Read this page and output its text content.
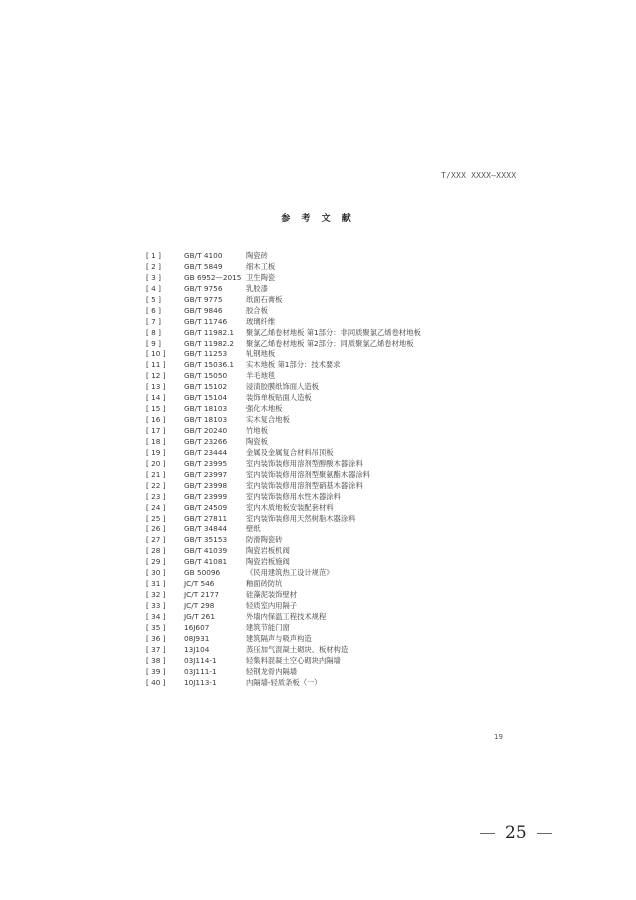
T/XXX XXXX—XXXX
参 考 文 献
[ 1 ]	GB/T 4100	陶瓷砖
[ 2 ]	GB/T 5849	细木工板
[ 3 ]	GB 6952—2015 卫生陶瓷
[ 4 ]	GB/T 9756	乳胶漆
[ 5 ]	GB/T 9775	纸面石膏板
[ 6 ]	GB/T 9846	胶合板
[ 7 ]	GB/T 11746	玻璃纤维
[ 8 ]	GB/T 11982.1 聚氯乙烯卷材地板 第1部分：非同质聚氯乙烯卷材地板
[ 9 ]	GB/T 11982.2 聚氯乙烯卷材地板 第2部分：同质聚氯乙烯卷材地板
[ 10 ]	GB/T 11253	轧钢地板
[ 11 ]	GB/T 15036.1 实木地板 第1部分：技术要求
[ 12 ]	GB/T 15050	羊毛地毯
[ 13 ]	GB/T 15102	浸渍胶膜纸饰面人造板
[ 14 ]	GB/T 15104	装饰单板贴面人造板
[ 15 ]	GB/T 18103	强化木地板
[ 16 ]	GB/T 18103	实木复合地板
[ 17 ]	GB/T 20240	竹地板
[ 18 ]	GB/T 23266	陶瓷板
[ 19 ]	GB/T 23444	金属及金属复合材料吊顶板
[ 20 ]	GB/T 23995	室内装饰装修用溶剂型醇酸木器涂料
[ 21 ]	GB/T 23997	室内装饰装修用溶剂型聚氨酯木器涂料
[ 22 ]	GB/T 23998	室内装饰装修用溶剂型硝基木器涂料
[ 23 ]	GB/T 23999	室内装饰装修用水性木器涂料
[ 24 ]	GB/T 24509	室内木质地板安装配套材料
[ 25 ]	GB/T 27811	室内装饰装修用天然树脂木器涂料
[ 26 ]	GB/T 34844	壁纸
[ 27 ]	GB/T 35153	防滑陶瓷砖
[ 28 ]	GB/T 41039	陶瓷岩板机阀
[ 29 ]	GB/T 41081	陶瓷岩板施阀
[ 30 ]	GB 50096	《民用建筑热工设计规范》
[ 31 ]	JC/T 546	釉面砖防坑
[ 32 ]	JC/T 2177	硅藻泥装饰壁材
[ 33 ]	JC/T 298	轻质室内用隔子
[ 34 ]	JG/T 261	外墙内保温工程技术规程
[ 35 ]	16J607	建筑节能门窗
[ 36 ]	08J931	建筑隔声与吸声构造
[ 37 ]	13J104	蒸压加气混凝土砌块、板材构造
[ 38 ]	03J114-1	轻集料混凝土空心砌块内隔墙
[ 39 ]	03J111-1	轻钢龙骨内隔墙
[ 40 ]	10J113-1	内隔墙-轻质条板（一）
19
25
